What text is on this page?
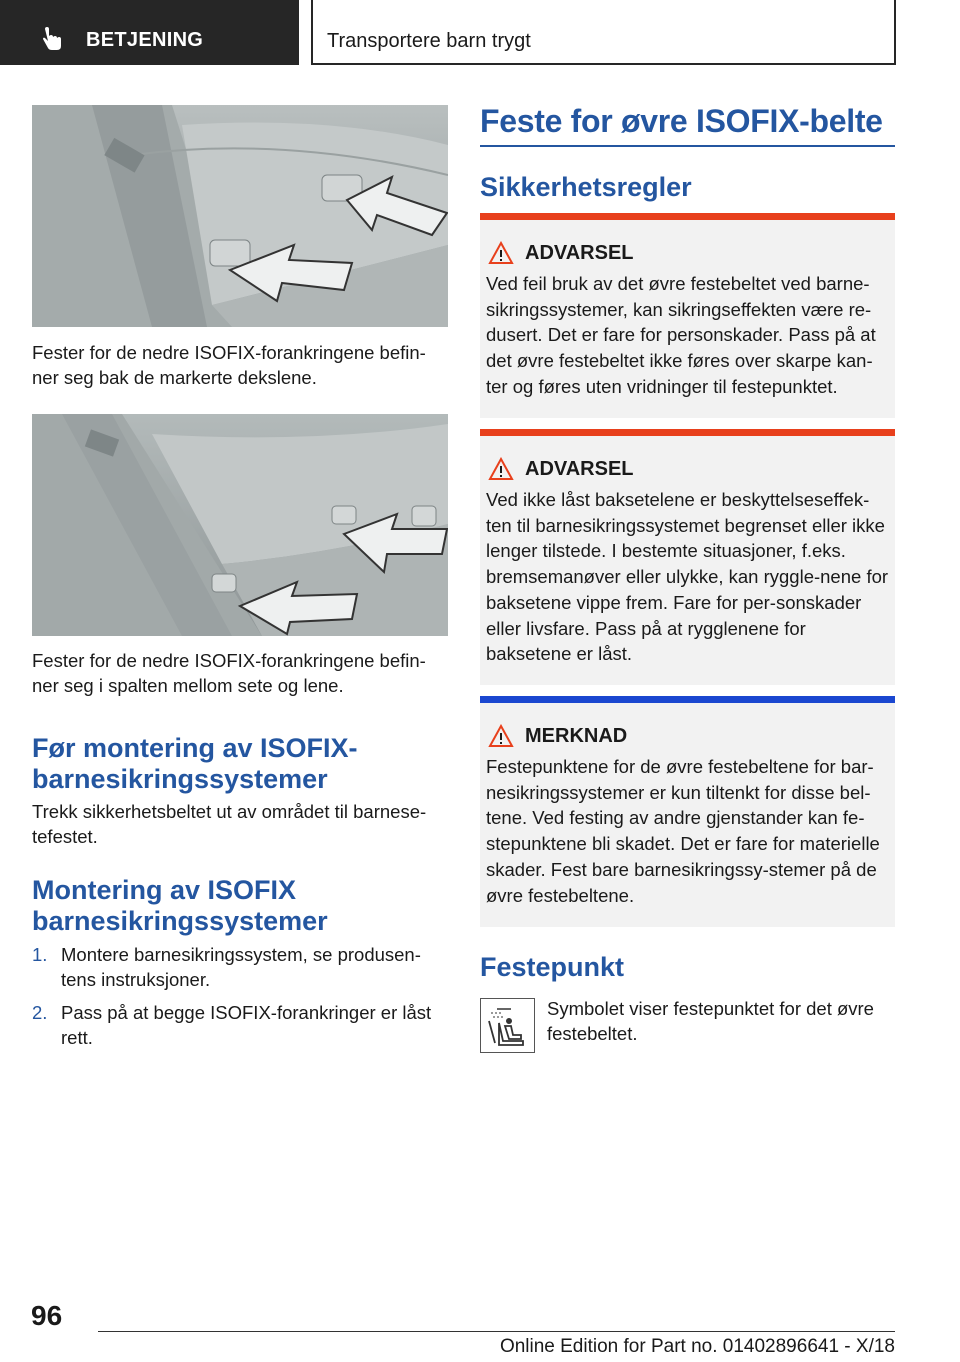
BETJENING	Transportere barn trygt
Fester for de nedre ISOFIX-forankringene befin-ner seg bak de markerte dekslene.
Fester for de nedre ISOFIX-forankringene befin-ner seg i spalten mellom sete og lene.
Før montering av ISOFIX-barnesikringssystemer
Trekk sikkerhetsbeltet ut av området til barnese-tefestet.
Montering av ISOFIX barnesikringssystemer
1. Montere barnesikringssystem, se produsen-tens instruksjoner.
2. Pass på at begge ISOFIX-forankringer er låst rett.
Feste for øvre ISOFIX-belte
Sikkerhetsregler
ADVARSEL
Ved feil bruk av det øvre festebeltet ved barne-sikringssystemer, kan sikringseffekten være re-dusert. Det er fare for personskader. Pass på at det øvre festebeltet ikke føres over skarpe kan-ter og føres uten vridninger til festepunktet.
ADVARSEL
Ved ikke låst baksetelene er beskyttelseseffek-ten til barnesikringssystemet begrenset eller ikke lenger tilstede. I bestemte situasjoner, f.eks. bremsemanøver eller ulykke, kan ryggle-nene for baksetene vippe frem. Fare for per-sonskader eller livsfare. Pass på at rygglenene for baksetene er låst.
MERKNAD
Festepunktene for de øvre festebeltene for bar-nesikringssystemer er kun tiltenkt for disse bel-tene. Ved festing av andre gjenstander kan fe-stepunktene bli skadet. Det er fare for materielle skader. Fest bare barnesikringssy-stemer på de øvre festebeltene.
Festepunkt
Symbolet viser festepunktet for det øvre festebeltet.
96
Online Edition for Part no. 01402896641 - X/18
